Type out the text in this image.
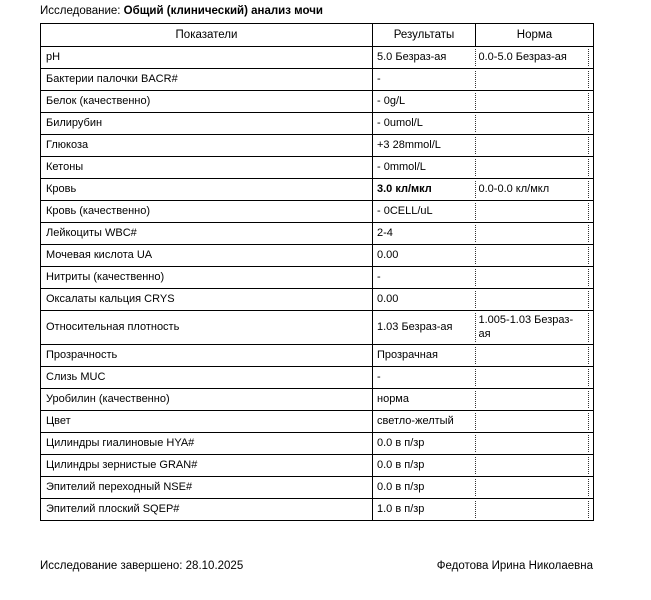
Исследование: Общий (клинический) анализ мочи
Показатели	Результаты	Норма
pH	5.0 Безраз-ая	0.0-5.0 Безраз-ая
Бактерии палочки BACR#	-	
Белок (качественно)	- 0g/L	
Билирубин	- 0umol/L	
Глюкоза	+3 28mmol/L	
Кетоны	- 0mmol/L	
Кровь	3.0 кл/мкл	0.0-0.0 кл/мкл
Кровь (качественно)	- 0CELL/uL	
Лейкоциты WBC#	2-4	
Мочевая кислота UA	0.00	
Нитриты (качественно)	-	
Оксалаты кальция CRYS	0.00	
Относительная плотность	1.03 Безраз-ая	1.005-1.03 Безраз-ая
Прозрачность	Прозрачная	
Слизь MUC	-	
Уробилин (качественно)	норма	
Цвет	светло-желтый	
Цилиндры гиалиновые HYA#	0.0 в п/зр	
Цилиндры зернистые GRAN#	0.0 в п/зр	
Эпителий переходный NSE#	0.0 в п/зр	
Эпителий плоский SQEP#	1.0 в п/зр	
Исследование завершено: 28.10.2025	Федотова Ирина Николаевна
